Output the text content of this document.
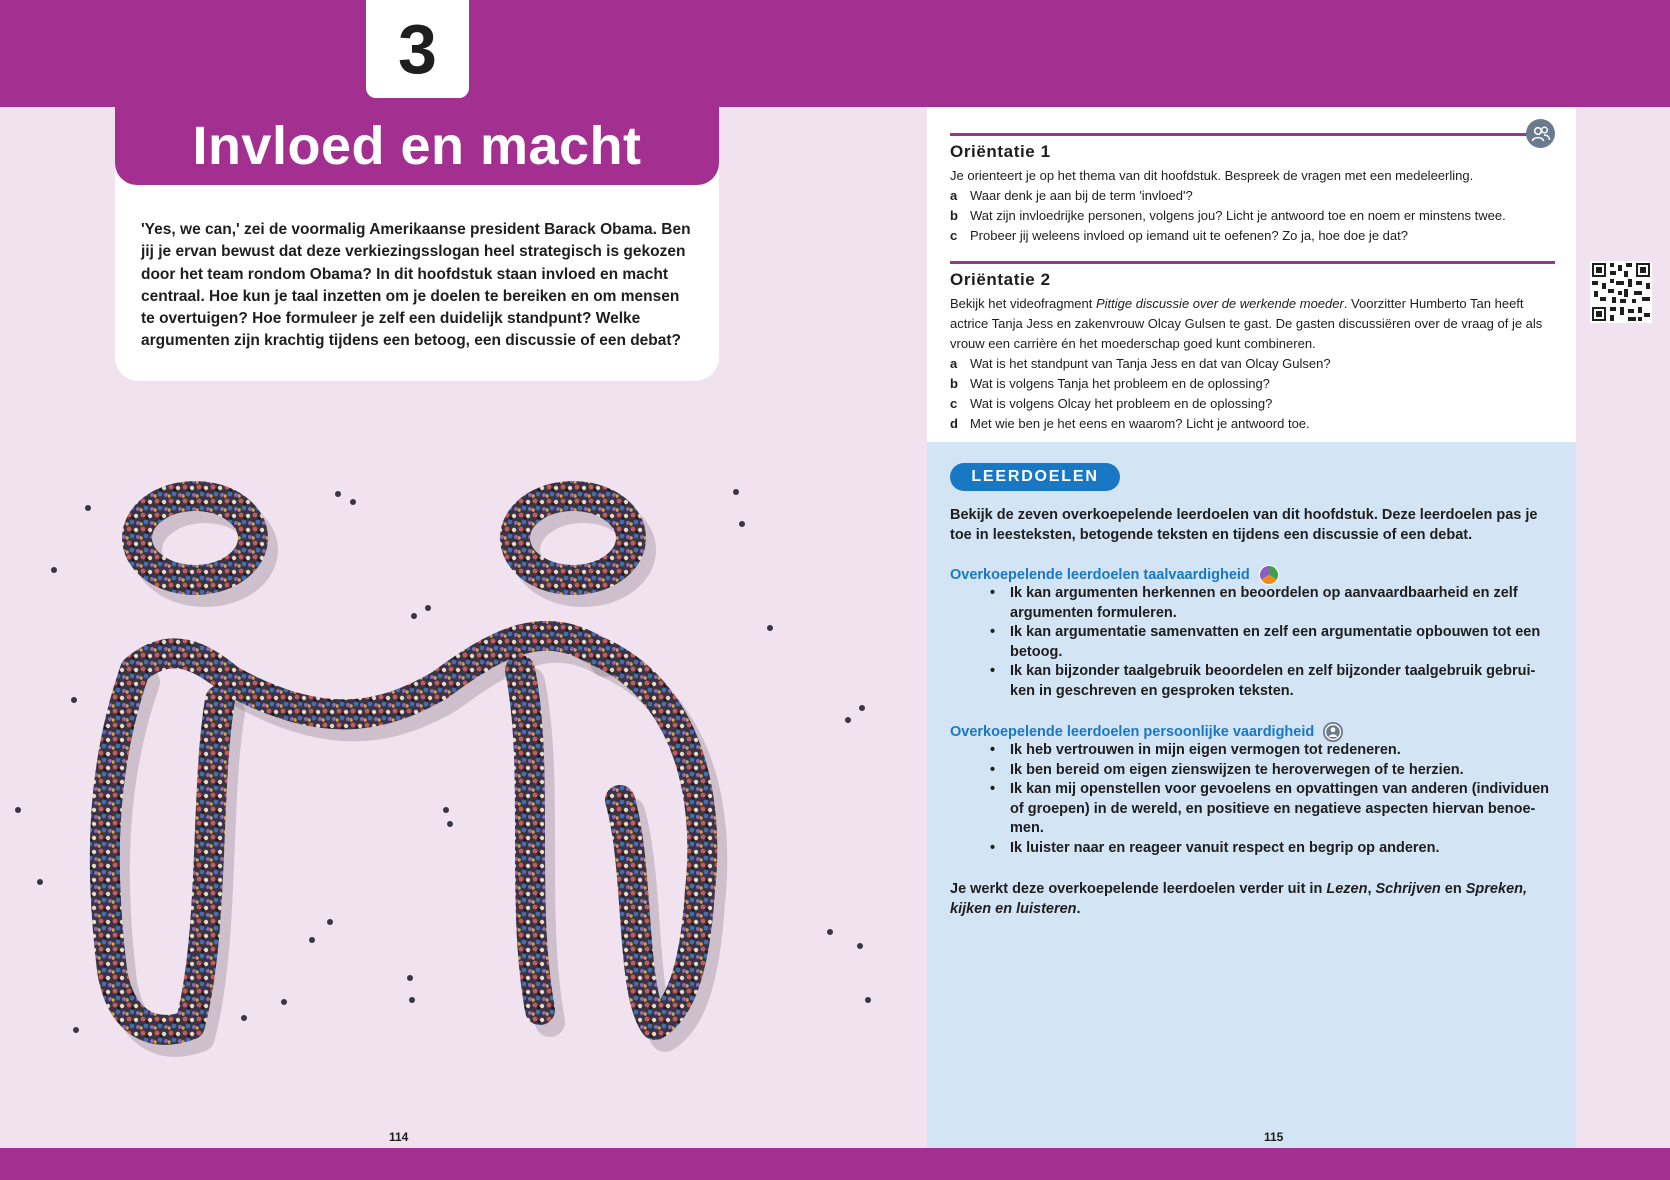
3
Invloed en macht

'Yes, we can,' zei de voormalig Amerikaanse president Barack Obama. Ben jij je ervan bewust dat deze verkiezingsslogan heel strategisch is gekozen door het team rondom Obama? In dit hoofdstuk staan invloed en macht centraal. Hoe kun je taal inzetten om je doelen te bereiken en om mensen te overtuigen? Hoe formuleer je zelf een duidelijk standpunt? Welke argumenten zijn krachtig tijdens een betoog, een discussie of een debat?

114
Oriëntatie 1

Je orienteert je op het thema van dit hoofdstuk. Bespreek de vragen met een medeleerling.

a Waar denk je aan bij de term 'invloed'?
b Wat zijn invloedrijke personen, volgens jou? Licht je antwoord toe en noem er minstens twee.
c Probeer jij weleens invloed op iemand uit te oefenen? Zo ja, hoe doe je dat?
Oriëntatie 2

Bekijk het videofragment Pittige discussie over de werkende moeder. Voorzitter Humberto Tan heeft actrice Tanja Jess en zakenvrouw Olcay Gulsen te gast. De gasten discussiëren over de vraag of je als vrouw een carrière én het moederschap goed kunt combineren.

a Wat is het standpunt van Tanja Jess en dat van Olcay Gulsen?
b Wat is volgens Tanja het probleem en de oplossing?
c Wat is volgens Olcay het probleem en de oplossing?
d Met wie ben je het eens en waarom? Licht je antwoord toe.
LEERDOELEN

Bekijk de zeven overkoepelende leerdoelen van dit hoofdstuk. Deze leerdoelen pas je toe in leesteksten, betogende teksten en tijdens een discussie of een debat.

Overkoepelende leerdoelen taalvaardigheid
• Ik kan argumenten herkennen en beoordelen op aanvaardbaarheid en zelf argumenten formuleren.
• Ik kan argumentatie samenvatten en zelf een argumentatie opbouwen tot een betoog.
• Ik kan bijzonder taalgebruik beoordelen en zelf bijzonder taalgebruik gebrui-ken in geschreven en gesproken teksten.
Overkoepelende leerdoelen persoonlijke vaardigheid
• Ik heb vertrouwen in mijn eigen vermogen tot redeneren.
• Ik ben bereid om eigen zienswijzen te heroverwegen of te herzien.
• Ik kan mij openstellen voor gevoelens en opvattingen van anderen (individuen of groepen) in de wereld, en positieve en negatieve aspecten hiervan benoe-men.
• Ik luister naar en reageer vanuit respect en begrip op anderen.

Je werkt deze overkoepelende leerdoelen verder uit in Lezen, Schrijven en Spreken, kijken en luisteren.

115
